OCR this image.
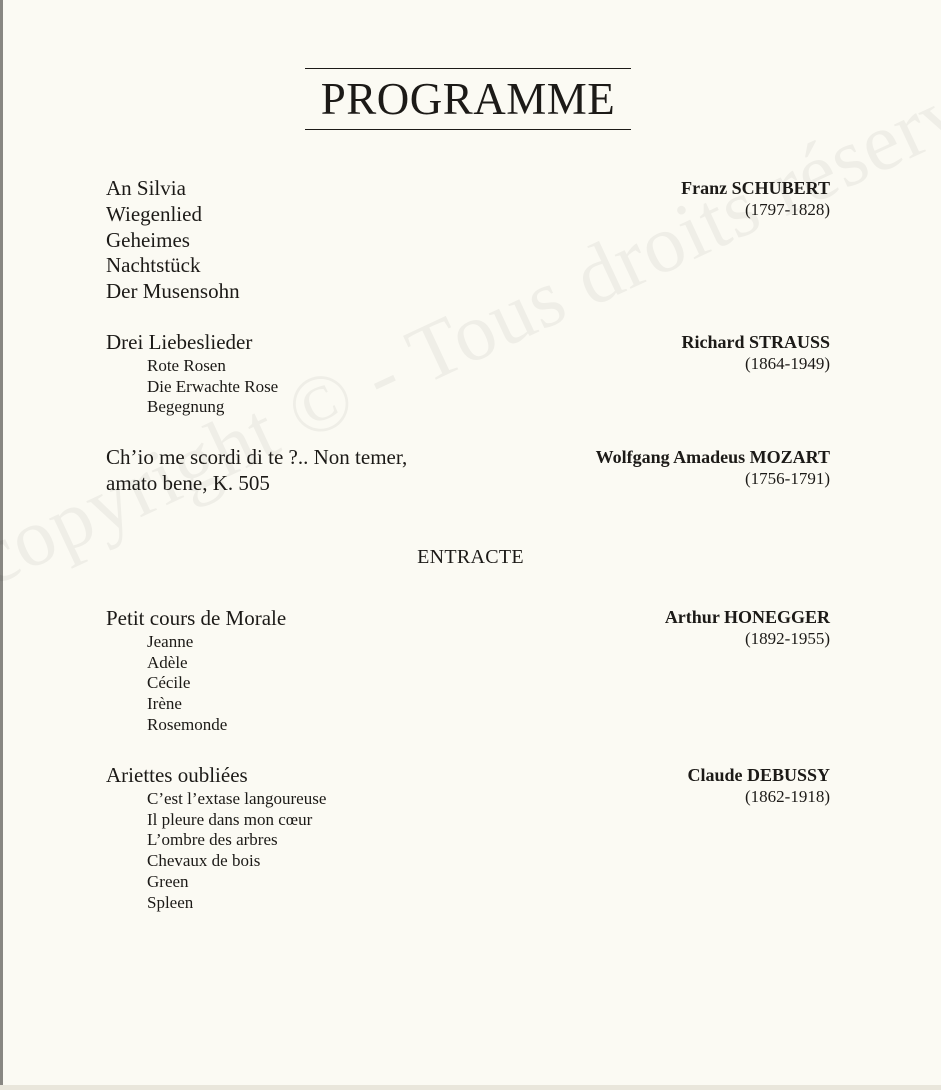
PROGRAMME
An Silvia
Wiegenlied
Geheimes
Nachtstück
Der Musensohn
Franz SCHUBERT
(1797-1828)
Drei Liebeslieder
Rote Rosen
Die Erwachte Rose
Begegnung
Richard STRAUSS
(1864-1949)
Ch’io me scordi di te ?.. Non temer,
amato bene, K. 505
Wolfgang Amadeus MOZART
(1756-1791)
ENTRACTE
Petit cours de Morale
Jeanne
Adèle
Cécile
Irène
Rosemonde
Arthur HONEGGER
(1892-1955)
Ariettes oubliées
C’est l’extase langoureuse
Il pleure dans mon cœur
L’ombre des arbres
Chevaux de bois
Green
Spleen
Claude DEBUSSY
(1862-1918)
